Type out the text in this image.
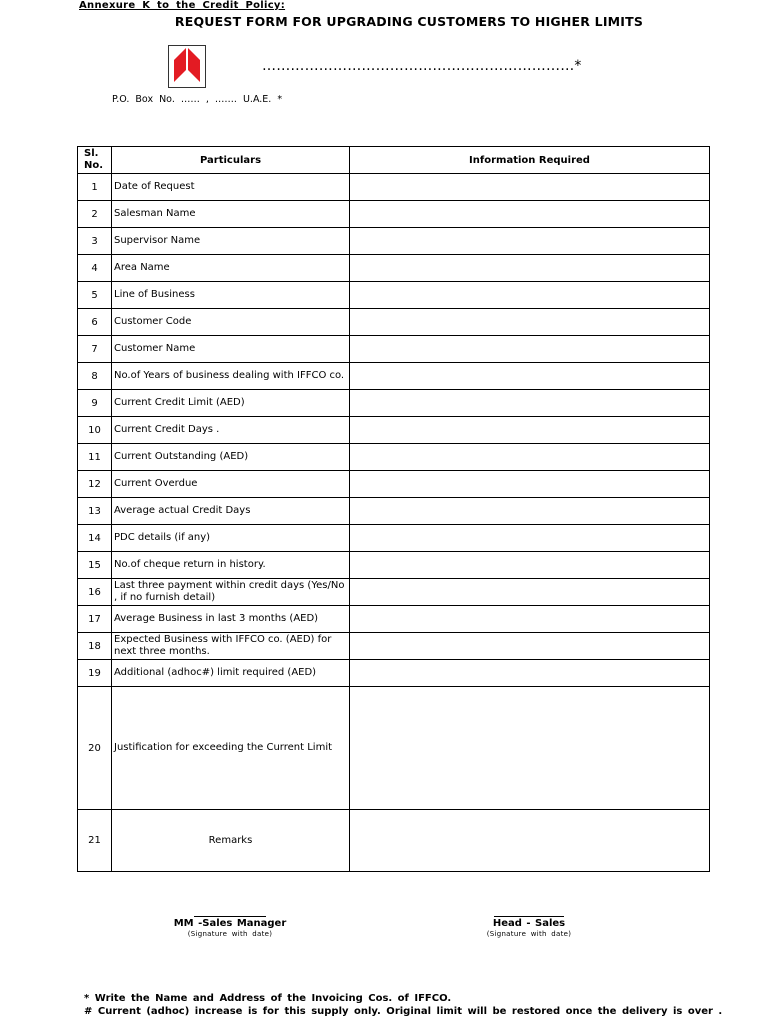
Annexure K to the Credit Policy:
REQUEST FORM FOR UPGRADING CUSTOMERS TO HIGHER LIMITS
…………………………………………………………*
P.O. Box No. …… , ……. U.A.E. *
Sl. No.	Particulars	Information Required
1	Date of Request	
2	Salesman Name	
3	Supervisor Name	
4	Area Name	
5	Line of Business	
6	Customer Code	
7	Customer Name	
8	No.of Years of business dealing with IFFCO co.	
9	Current Credit Limit (AED)	
10	Current Credit Days .	
11	Current Outstanding (AED)	
12	Current Overdue	
13	Average actual Credit Days	
14	PDC details (if any)	
15	No.of cheque return in history.	
16	Last three payment within credit days (Yes/No , if no furnish detail)	
17	Average Business in last 3 months (AED)	
18	Expected Business with IFFCO co. (AED) for next three months.	
19	Additional (adhoc#) limit required (AED)	
20	Justification for exceeding the Current Limit	
21	Remarks	
MM -Sales Manager
(Signature with date)
Head - Sales
(Signature with date)
* Write the Name and Address of the Invoicing Cos. of IFFCO.
# Current (adhoc) increase is for this supply only. Original limit will be restored once the delivery is over .
